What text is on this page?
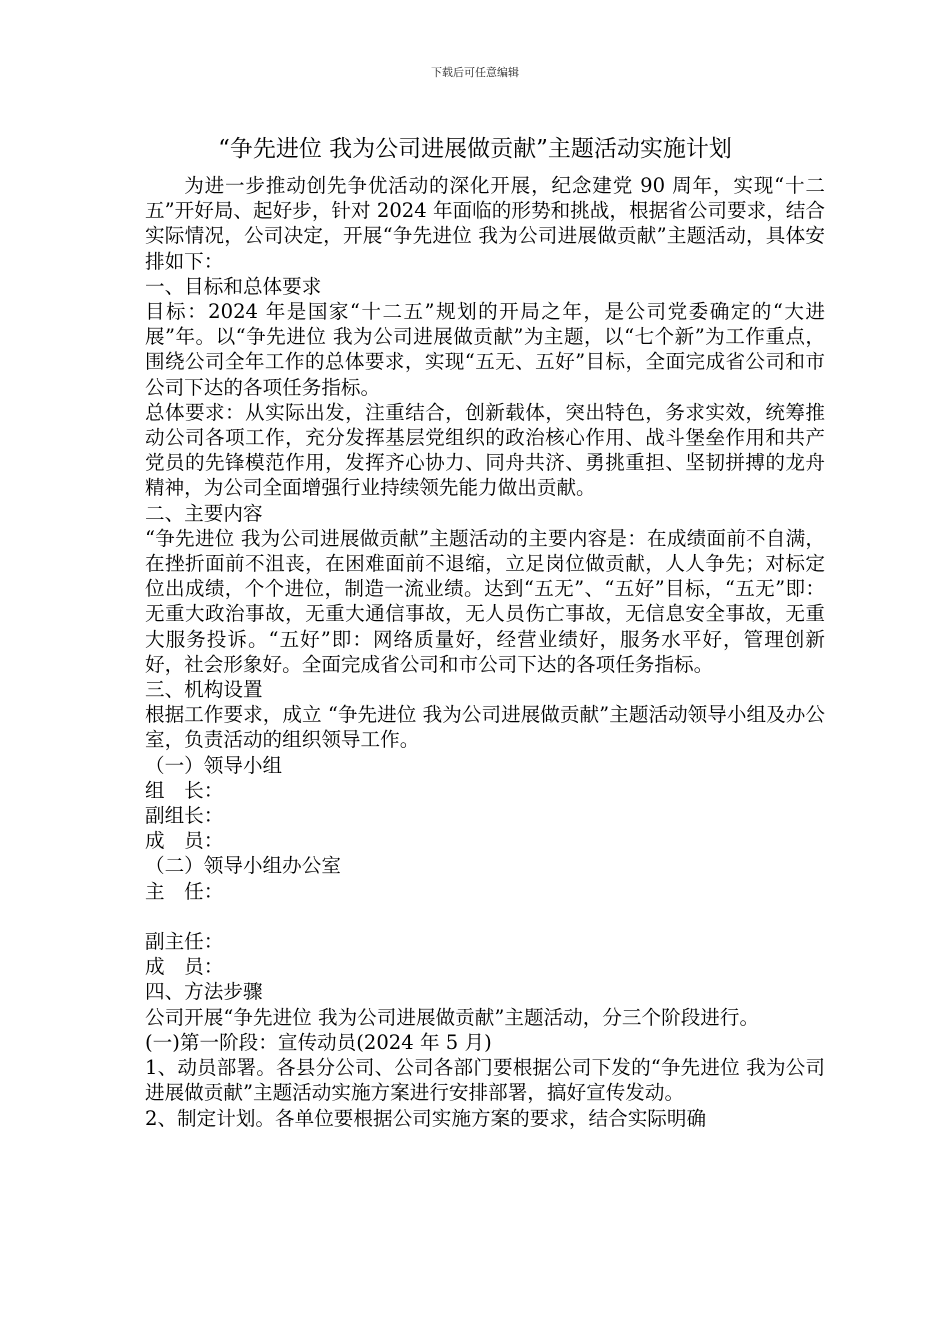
下载后可任意编辑
“争先进位 我为公司进展做贡献”主题活动实施计划

为进一步推动创先争优活动的深化开展，纪念建党 90 周年，实现“十二五”开好局、起好步，针对 2024 年面临的形势和挑战，根据省公司要求，结合实际情况，公司决定，开展“争先进位 我为公司进展做贡献”主题活动，具体安排如下：

一、目标和总体要求

目标：2024 年是国家“十二五”规划的开局之年，是公司党委确定的“大进展”年。以“争先进位 我为公司进展做贡献”为主题，以“七个新”为工作重点，围绕公司全年工作的总体要求，实现“五无、五好”目标，全面完成省公司和市公司下达的各项任务指标。

总体要求：从实际出发，注重结合，创新载体，突出特色，务求实效，统筹推动公司各项工作，充分发挥基层党组织的政治核心作用、战斗堡垒作用和共产党员的先锋模范作用，发挥齐心协力、同舟共济、勇挑重担、坚韧拼搏的龙舟精神，为公司全面增强行业持续领先能力做出贡献。

二、主要内容

“争先进位 我为公司进展做贡献”主题活动的主要内容是：在成绩面前不自满，在挫折面前不沮丧，在困难面前不退缩，立足岗位做贡献，人人争先；对标定位出成绩，个个进位，制造一流业绩。达到“五无”、“五好”目标，“五无”即：无重大政治事故，无重大通信事故，无人员伤亡事故，无信息安全事故，无重大服务投诉。“五好”即：网络质量好，经营业绩好，服务水平好，管理创新好，社会形象好。全面完成省公司和市公司下达的各项任务指标。

三、机构设置

根据工作要求，成立 “争先进位 我为公司进展做贡献”主题活动领导小组及办公室，负责活动的组织领导工作。

（一）领导小组

组　长：

副组长：

成　员：

（二）领导小组办公室

主　任：

副主任：

成　员：

四、方法步骤

公司开展“争先进位 我为公司进展做贡献”主题活动，分三个阶段进行。

(一)第一阶段：宣传动员(2024 年 5 月)

1、动员部署。各县分公司、公司各部门要根据公司下发的“争先进位 我为公司进展做贡献”主题活动实施方案进行安排部署，搞好宣传发动。

2、制定计划。各单位要根据公司实施方案的要求，结合实际明确
